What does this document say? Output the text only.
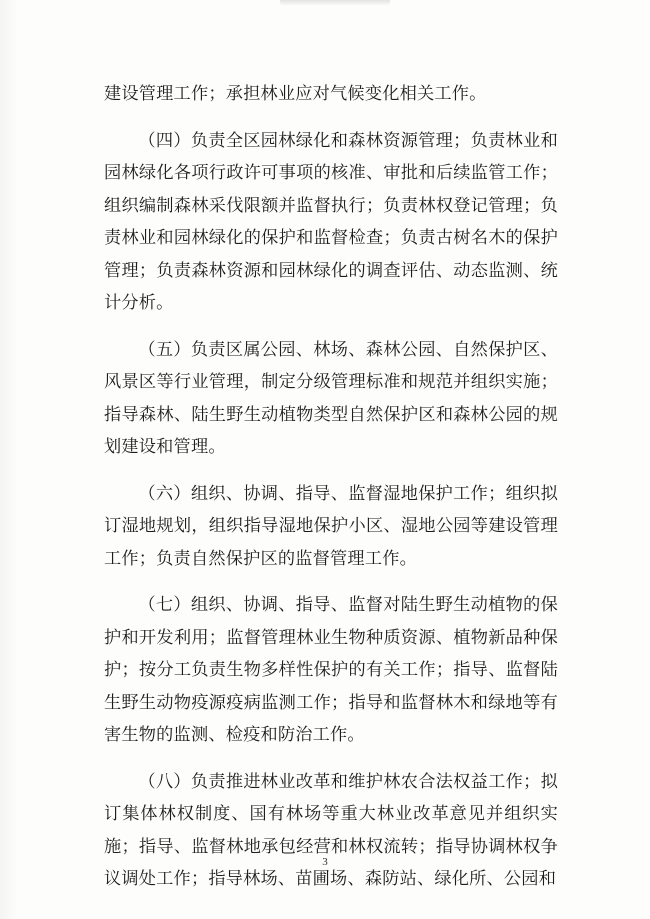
建设管理工作；承担林业应对气候变化相关工作。

（四）负责全区园林绿化和森林资源管理；负责林业和园林绿化各项行政许可事项的核准、审批和后续监管工作；组织编制森林采伐限额并监督执行；负责林权登记管理；负责林业和园林绿化的保护和监督检查；负责古树名木的保护管理；负责森林资源和园林绿化的调查评估、动态监测、统计分析。

（五）负责区属公园、林场、森林公园、自然保护区、风景区等行业管理，制定分级管理标准和规范并组织实施；指导森林、陆生野生动植物类型自然保护区和森林公园的规划建设和管理。

（六）组织、协调、指导、监督湿地保护工作；组织拟订湿地规划，组织指导湿地保护小区、湿地公园等建设管理工作；负责自然保护区的监督管理工作。

（七）组织、协调、指导、监督对陆生野生动植物的保护和开发利用；监督管理林业生物种质资源、植物新品种保护；按分工负责生物多样性保护的有关工作；指导、监督陆生野生动物疫源疫病监测工作；指导和监督林木和绿地等有害生物的监测、检疫和防治工作。

（八）负责推进林业改革和维护林农合法权益工作；拟订集体林权制度、国有林场等重大林业改革意见并组织实施；指导、监督林地承包经营和林权流转；指导协调林权争议调处工作；指导林场、苗圃场、森防站、绿化所、公园和

3
